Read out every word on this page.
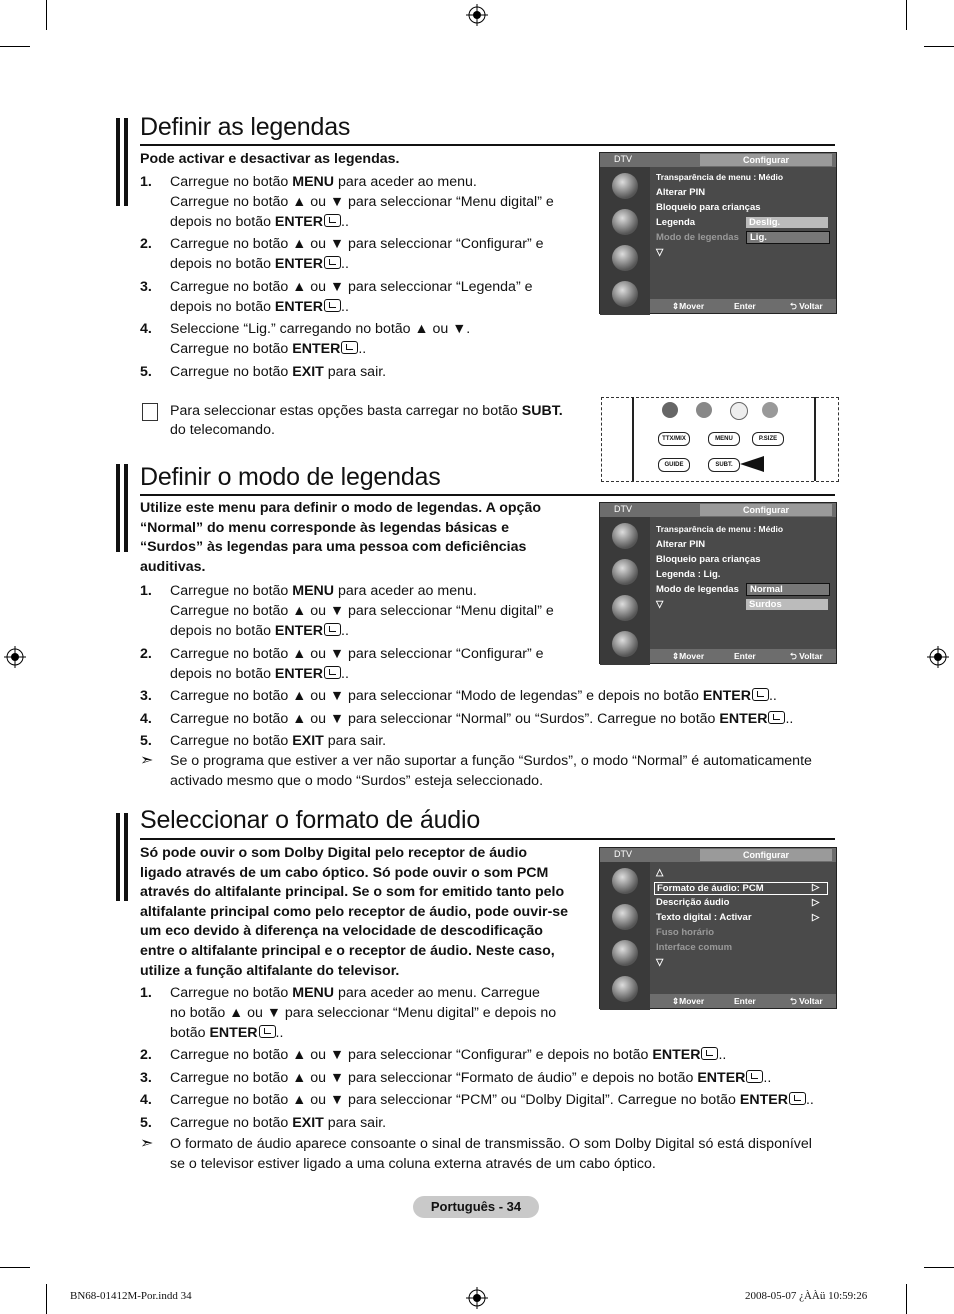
Definir as legendas
Pode activar e desactivar as legendas.
1. Carregue no botão MENU para aceder ao menu.
Carregue no botão ▲ ou ▼ para seleccionar “Menu digital” e
depois no botão ENTER ..
2. Carregue no botão ▲ ou ▼ para seleccionar “Configurar” e
depois no botão ENTER ..
3. Carregue no botão ▲ ou ▼ para seleccionar “Legenda” e
depois no botão ENTER ..
4. Seleccione “Lig.” carregando no botão ▲ ou ▼.
Carregue no botão ENTER ..
5. Carregue no botão EXIT para sair.
Para seleccionar estas opções basta carregar no botão SUBT.
do telecomando.
DTV	Configurar
Transparência de menu : Médio
Alterar PIN
Bloqueio para crianças
Legenda	Deslig.
Modo de legendas	Lig.
▽
⇕Mover	Enter	⮌ Voltar
TTX/MIX	MENU	P.SIZE
GUIDE	SUBT.
Definir o modo de legendas
Utilize este menu para definir o modo de legendas. A opção
“Normal” do menu corresponde às legendas básicas e
“Surdos” às legendas para uma pessoa com deficiências
auditivas.
1. Carregue no botão MENU para aceder ao menu.
Carregue no botão ▲ ou ▼ para seleccionar “Menu digital” e
depois no botão ENTER ..
2. Carregue no botão ▲ ou ▼ para seleccionar “Configurar” e
depois no botão ENTER ..
3. Carregue no botão ▲ ou ▼ para seleccionar “Modo de legendas” e depois no botão ENTER ..
4. Carregue no botão ▲ ou ▼ para seleccionar “Normal” ou “Surdos”. Carregue no botão ENTER ..
5. Carregue no botão EXIT para sair.
➣ Se o programa que estiver a ver não suportar a função “Surdos”, o modo “Normal” é automaticamente
activado mesmo que o modo “Surdos” esteja seleccionado.
DTV	Configurar
Transparência de menu : Médio
Alterar PIN
Bloqueio para crianças
Legenda : Lig.
Modo de legendas	Normal
▽	Surdos
⇕Mover	Enter	⮌ Voltar
Seleccionar o formato de áudio
Só pode ouvir o som Dolby Digital pelo receptor de áudio
ligado através de um cabo óptico. Só pode ouvir o som PCM
através do altifalante principal. Se o som for emitido tanto pelo
altifalante principal como pelo receptor de áudio, pode ouvir-se
um eco devido à diferença na velocidade de descodificação
entre o altifalante principal e o receptor de áudio. Neste caso,
utilize a função altifalante do televisor.
1. Carregue no botão MENU para aceder ao menu. Carregue
no botão ▲ ou ▼ para seleccionar “Menu digital” e depois no
botão ENTER ..
2. Carregue no botão ▲ ou ▼ para seleccionar “Configurar” e depois no botão ENTER ..
3. Carregue no botão ▲ ou ▼ para seleccionar “Formato de áudio” e depois no botão ENTER ..
4. Carregue no botão ▲ ou ▼ para seleccionar “PCM” ou “Dolby Digital”. Carregue no botão ENTER ..
5. Carregue no botão EXIT para sair.
➣ O formato de áudio aparece consoante o sinal de transmissão. O som Dolby Digital só está disponível
se o televisor estiver ligado a uma coluna externa através de um cabo óptico.
DTV	Configurar
△
Formato de áudio: PCM	▷
Descrição áudio	▷
Texto digital : Activar	▷
Fuso horário
Interface comum
▽
⇕Mover	Enter	⮌ Voltar
Português - 34
BN68-01412M-Por.indd 34	2008-05-07 ¿ÀÀü 10:59:26
